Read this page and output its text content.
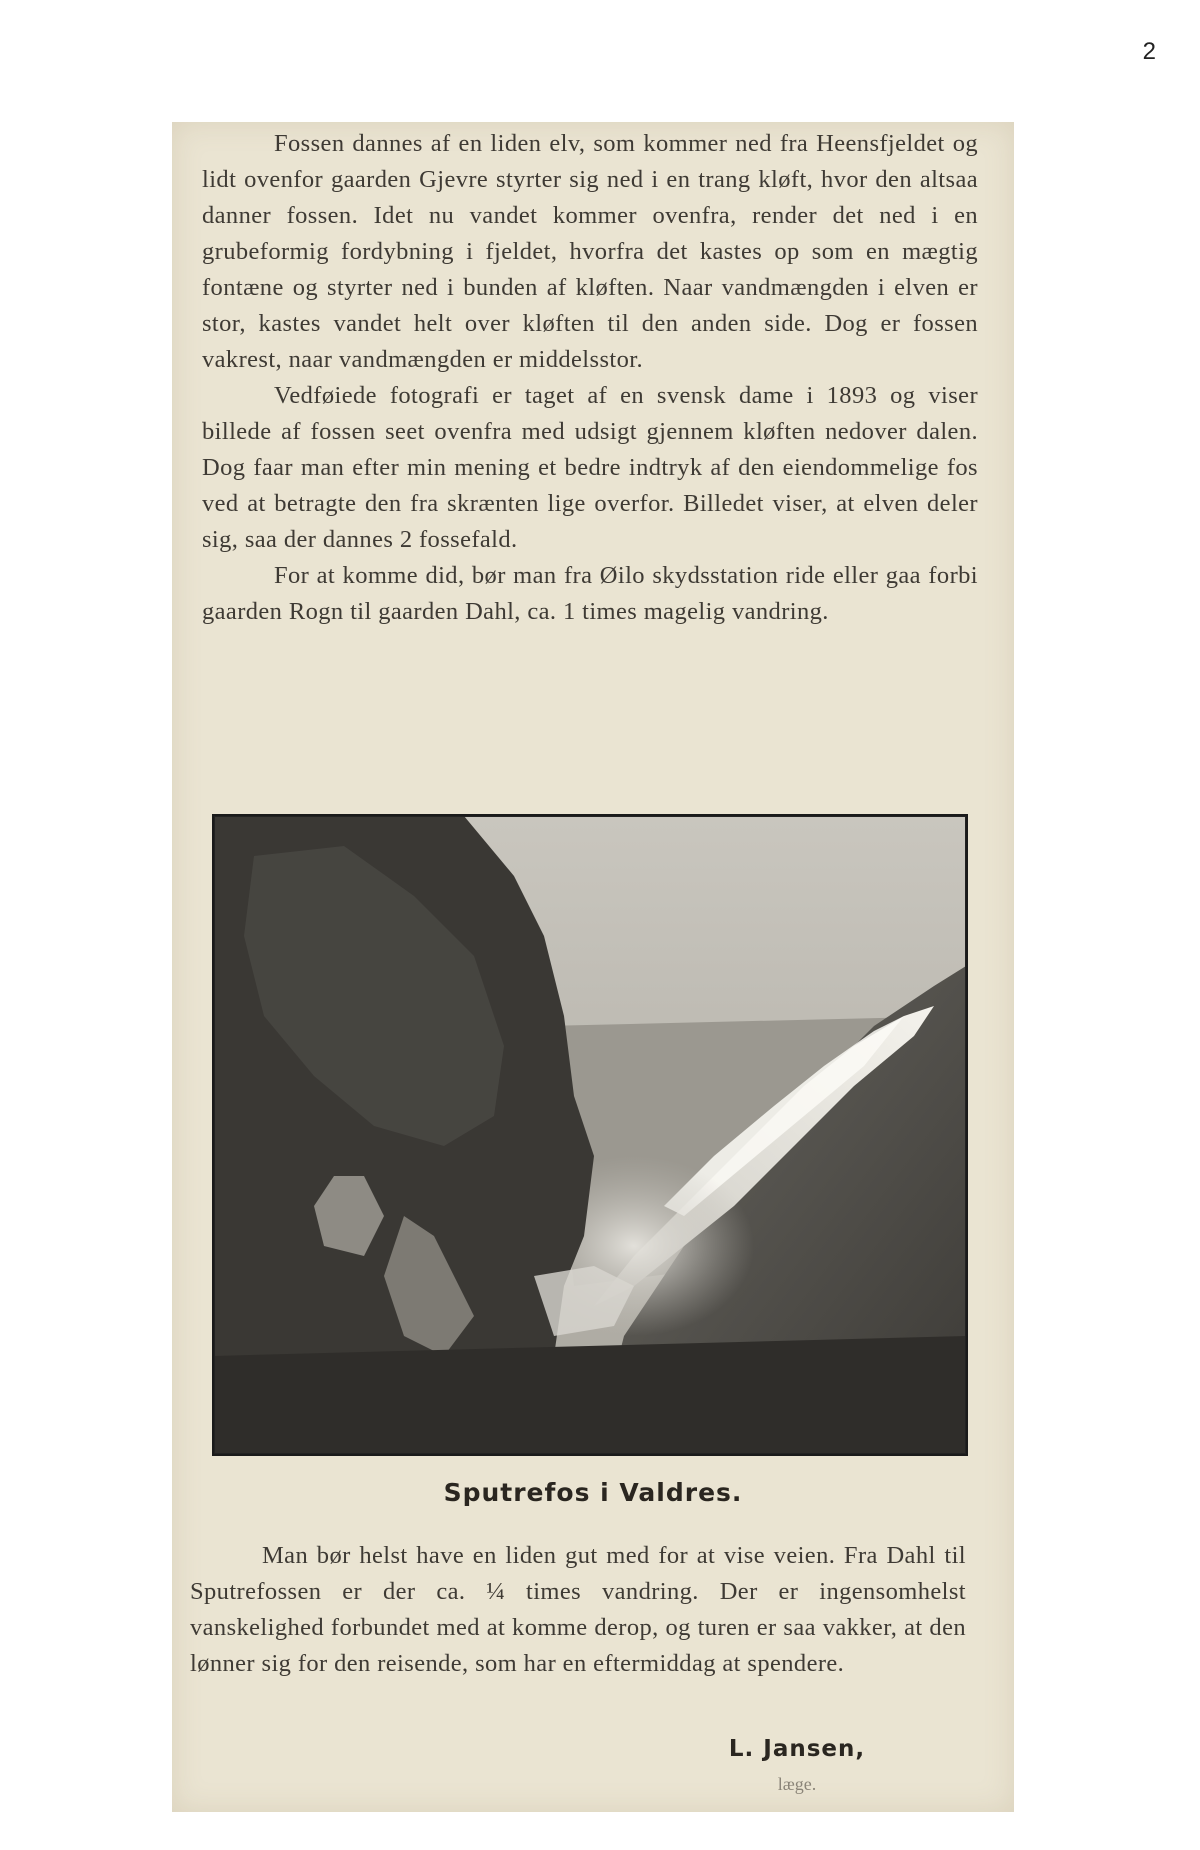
2

Fossen dannes af en liden elv, som kommer ned fra Heensfjeldet og lidt ovenfor gaarden Gjevre styrter sig ned i en trang kløft, hvor den altsaa danner fossen. Idet nu vandet kommer ovenfra, render det ned i en grubeformig fordybning i fjeldet, hvorfra det kastes op som en mægtig fontæne og styrter ned i bunden af kløften. Naar vandmængden i elven er stor, kastes vandet helt over kløften til den anden side. Dog er fossen vakrest, naar vandmængden er middelsstor.

Vedføiede fotografi er taget af en svensk dame i 1893 og viser billede af fossen seet ovenfra med udsigt gjennem kløften nedover dalen. Dog faar man efter min mening et bedre indtryk af den eiendommelige fos ved at betragte den fra skrænten lige overfor. Billedet viser, at elven deler sig, saa der dannes 2 fossefald.

For at komme did, bør man fra Øilo skydsstation ride eller gaa forbi gaarden Rogn til gaarden Dahl, ca. 1 times magelig vandring.

Sputrefos i Valdres.

Man bør helst have en liden gut med for at vise veien. Fra Dahl til Sputrefossen er der ca. ¼ times vandring. Der er ingensomhelst vanskelighed forbundet med at komme derop, og turen er saa vakker, at den lønner sig for den reisende, som har en eftermiddag at spendere.

L. Jansen,
læge.
